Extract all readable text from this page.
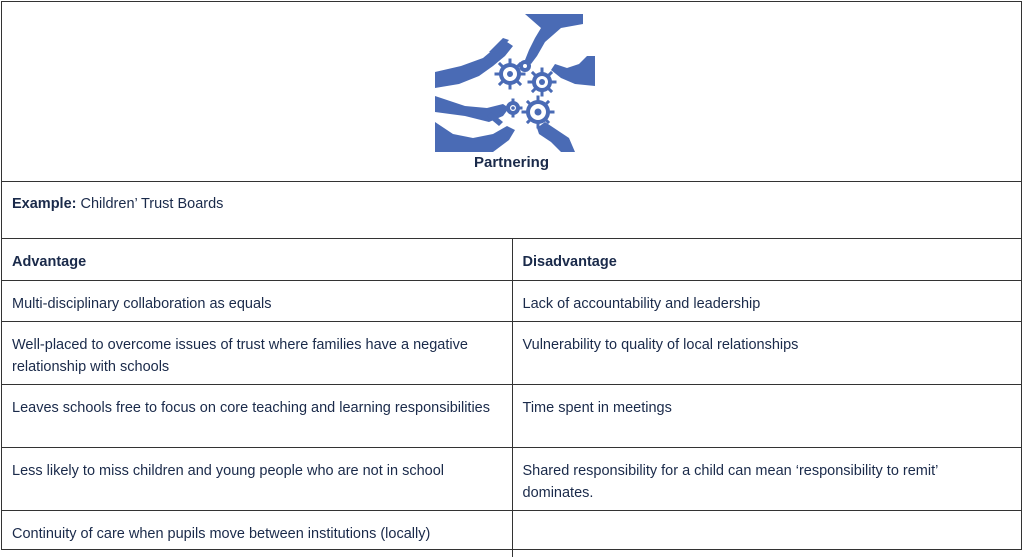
Partnering
Example: Children’ Trust Boards
Advantage	Disadvantage
Multi-disciplinary collaboration as equals	Lack of accountability and leadership
Well-placed to overcome issues of trust where families have a negative relationship with schools	Vulnerability to quality of local relationships
Leaves schools free to focus on core teaching and learning responsibilities	Time spent in meetings
Less likely to miss children and young people who are not in school	Shared responsibility for a child can mean ‘responsibility to remit’ dominates.
Continuity of care when pupils move between institutions (locally)	
